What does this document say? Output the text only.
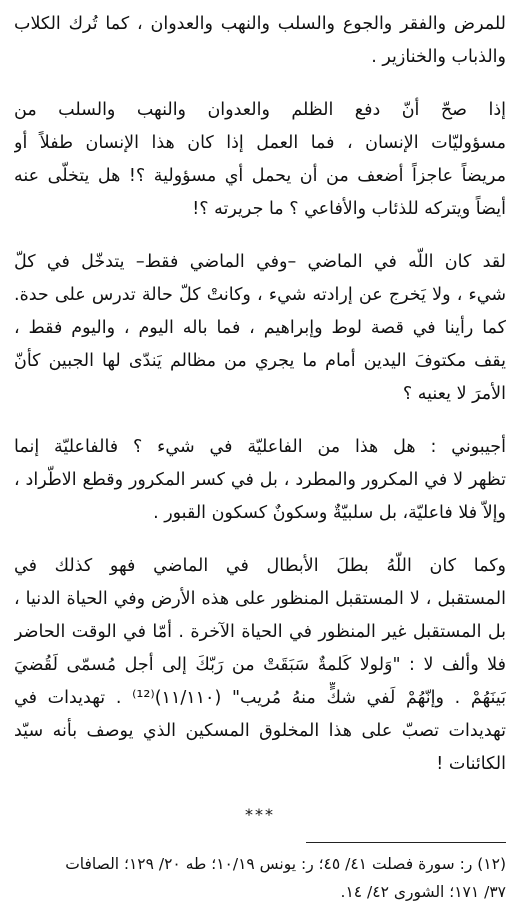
للمرض والفقر والجوع والسلب والنهب والعدوان ، كما تُرك الكلاب
والذباب والخنازير .
إذا صحّ أنّ دفع الظلم والعدوان والنهب والسلب من
مسؤوليّات الإنسان ، فما العمل إذا كان هذا الإنسان طفلاً أو
مريضاً عاجزاً أضعف من أن يحمل أي مسؤولية ؟! هل يتخلّى عنه
أيضاً ويتركه للذئاب والأفاعي ؟ ما جريرته ؟!
لقد كان اللّه في الماضي –وفي الماضي فقط– يتدخّل في كلّ
شيء ، ولا يَخرج عن إرادته شيء ، وكانتْ كلّ حالة تدرس على حدة.
كما رأينا في قصة لوط وإبراهيم ، فما باله اليوم ، واليوم فقط ،
يقف مكتوفَ اليدين أمام ما يجري من مظالم يَندّى لها الجبين كأنّ
الأمرَ لا يعنيه ؟
أجيبوني : هل هذا من الفاعليّة في شيء ؟ فالفاعليّة إنما
تظهر لا في المكرور والمطرد ، بل في كسر المكرور وقطع الاطّراد ،
وإلاّ فلا فاعليّة، بل سلبيّةٌ وسكونٌ كسكون القبور .
وكما كان اللّهُ بطلَ الأبطال في الماضي فهو كذلك في
المستقبل ، لا المستقبل المنظور على هذه الأرض وفي الحياة الدنيا ،
بل المستقبل غير المنظور في الحياة الآخرة . أمّا في الوقت الحاضر
فلا وألف لا : "وَلولا كَلمةٌ سَبَقَتْ من رَبّكَ إلى أجل مُسمّى لَقُضيَ
بَينَهُمْ . وإنّهُمْ لَفي شكٍّ منهُ مُريب" (١١/١١٠)⁽¹²⁾ . تهديدات في
تهديدات تصبّ على هذا المخلوق المسكين الذي يوصف بأنه سيّد
الكائنات !
***
(١٢) ر: سورة فصلت ٤١/ ٤٥؛ ر: يونس ١٠/١٩؛ طه ٢٠/ ١٢٩؛ الصافات
٣٧/ ١٧١؛ الشورى ٤٢/ ١٤.
